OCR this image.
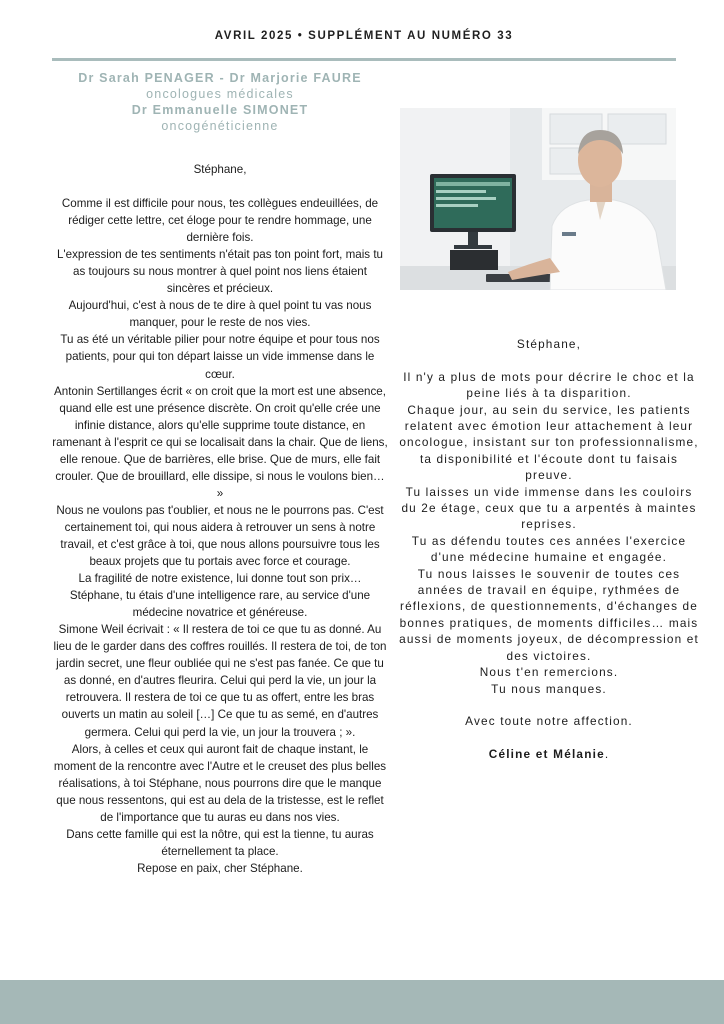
AVRIL 2025 • SUPPLÉMENT AU NUMÉRO 33
Dr Sarah PENAGER - Dr Marjorie FAURE
oncologues médicales
Dr Emmanuelle SIMONET
oncogénéticienne

Stéphane,

Comme il est difficile pour nous, tes collègues endeuillées, de rédiger cette lettre, cet éloge pour te rendre hommage, une dernière fois.

L'expression de tes sentiments n'était pas ton point fort, mais tu as toujours su nous montrer à quel point nos liens étaient sincères et précieux.

Aujourd'hui, c'est à nous de te dire à quel point tu vas nous manquer, pour le reste de nos vies.

Tu as été un véritable pilier pour notre équipe et pour tous nos patients, pour qui ton départ laisse un vide immense dans le cœur.

Antonin Sertillanges écrit « on croit que la mort est une absence, quand elle est une présence discrète. On croit qu'elle crée une infinie distance, alors qu'elle supprime toute distance, en ramenant à l'esprit ce qui se localisait dans la chair. Que de liens, elle renoue. Que de barrières, elle brise. Que de murs, elle fait crouler. Que de brouillard, elle dissipe, si nous le voulons bien… »

Nous ne voulons pas t'oublier, et nous ne le pourrons pas. C'est certainement toi, qui nous aidera à retrouver un sens à notre travail, et c'est grâce à toi, que nous allons poursuivre tous les beaux projets que tu portais avec force et courage.

La fragilité de notre existence, lui donne tout son prix…

Stéphane, tu étais d'une intelligence rare, au service d'une médecine novatrice et généreuse.

Simone Weil écrivait : « Il restera de toi ce que tu as donné. Au lieu de le garder dans des coffres rouillés. Il restera de toi, de ton jardin secret, une fleur oubliée qui ne s'est pas fanée. Ce que tu as donné, en d'autres fleurira. Celui qui perd la vie, un jour la retrouvera. Il restera de toi ce que tu as offert, entre les bras ouverts un matin au soleil […] Ce que tu as semé, en d'autres germera. Celui qui perd la vie, un jour la trouvera ; ».

Alors, à celles et ceux qui auront fait de chaque instant, le moment de la rencontre avec l'Autre et le creuset des plus belles réalisations, à toi Stéphane, nous pourrons dire que le manque que nous ressentons, qui est au dela de la tristesse, est le reflet de l'importance que tu auras eu dans nos vies.

Dans cette famille qui est la nôtre, qui est la tienne, tu auras éternellement ta place.

Repose en paix, cher Stéphane.

Stéphane,

Il n'y a plus de mots pour décrire le choc et la peine liés à ta disparition.

Chaque jour, au sein du service, les patients relatent avec émotion leur attachement à leur oncologue, insistant sur ton professionnalisme, ta disponibilité et l'écoute dont tu faisais preuve.

Tu laisses un vide immense dans les couloirs du 2e étage, ceux que tu a arpentés à maintes reprises.

Tu as défendu toutes ces années l'exercice d'une médecine humaine et engagée.

Tu nous laisses le souvenir de toutes ces années de travail en équipe, rythmées de réflexions, de questionnements, d'échanges de bonnes pratiques, de moments difficiles… mais aussi de moments joyeux, de décompression et des victoires.

Nous t'en remercions.

Tu nous manques.

Avec toute notre affection.

Céline et Mélanie.
